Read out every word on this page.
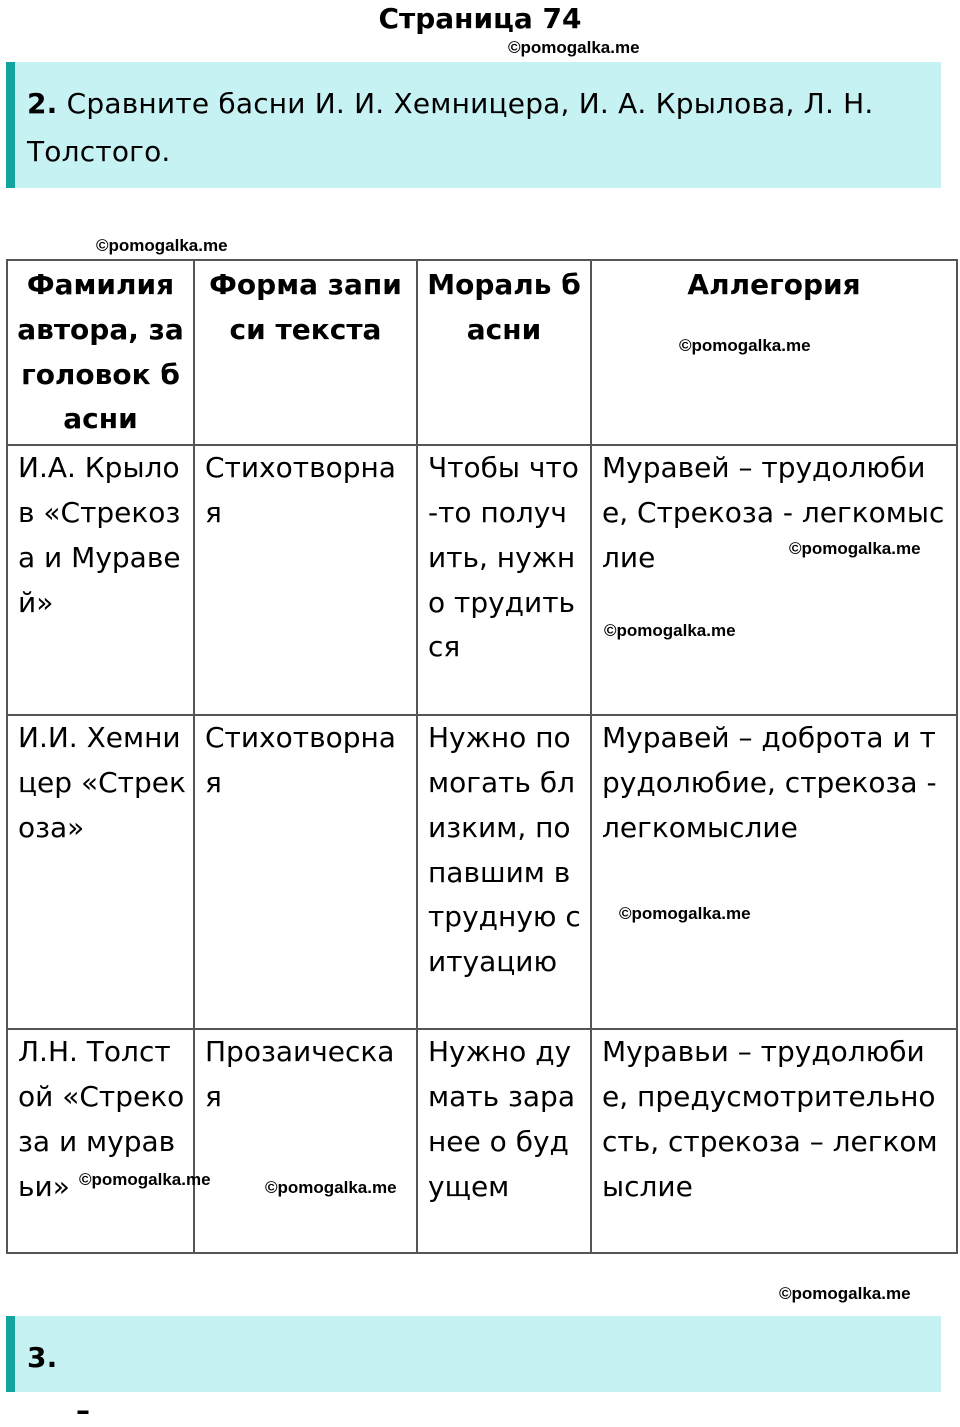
Страница 74
©pomogalka.me
2. Сравните басни И. И. Хемницера, И. А. Крылова, Л. Н. Толстого.
©pomogalka.me
Фамилия автора, заголовок басни	Форма записи текста	Мораль басни	Аллегория
И.А. Крылов «Стрекоза и Муравей»	Стихотворная	Чтобы что-то получить, нужно трудиться	Муравей – трудолюбие, Стрекоза - легкомыслие
И.И. Хемницер «Стрекоза»	Стихотворная	Нужно помогать близким, попавшим в трудную ситуацию	Муравей – доброта и трудолюбие, стрекоза - легкомыслие
Л.Н. Толстой «Стрекоза и муравьи»	Прозаическая	Нужно думать заранее о будущем	Муравьи – трудолюбие, предусмотрительность, стрекоза – легкомыслие
©pomogalka.me
©pomogalka.me
©pomogalka.me
©pomogalka.me
©pomogalka.me	©pomogalka.me
©pomogalka.me
3.
–
